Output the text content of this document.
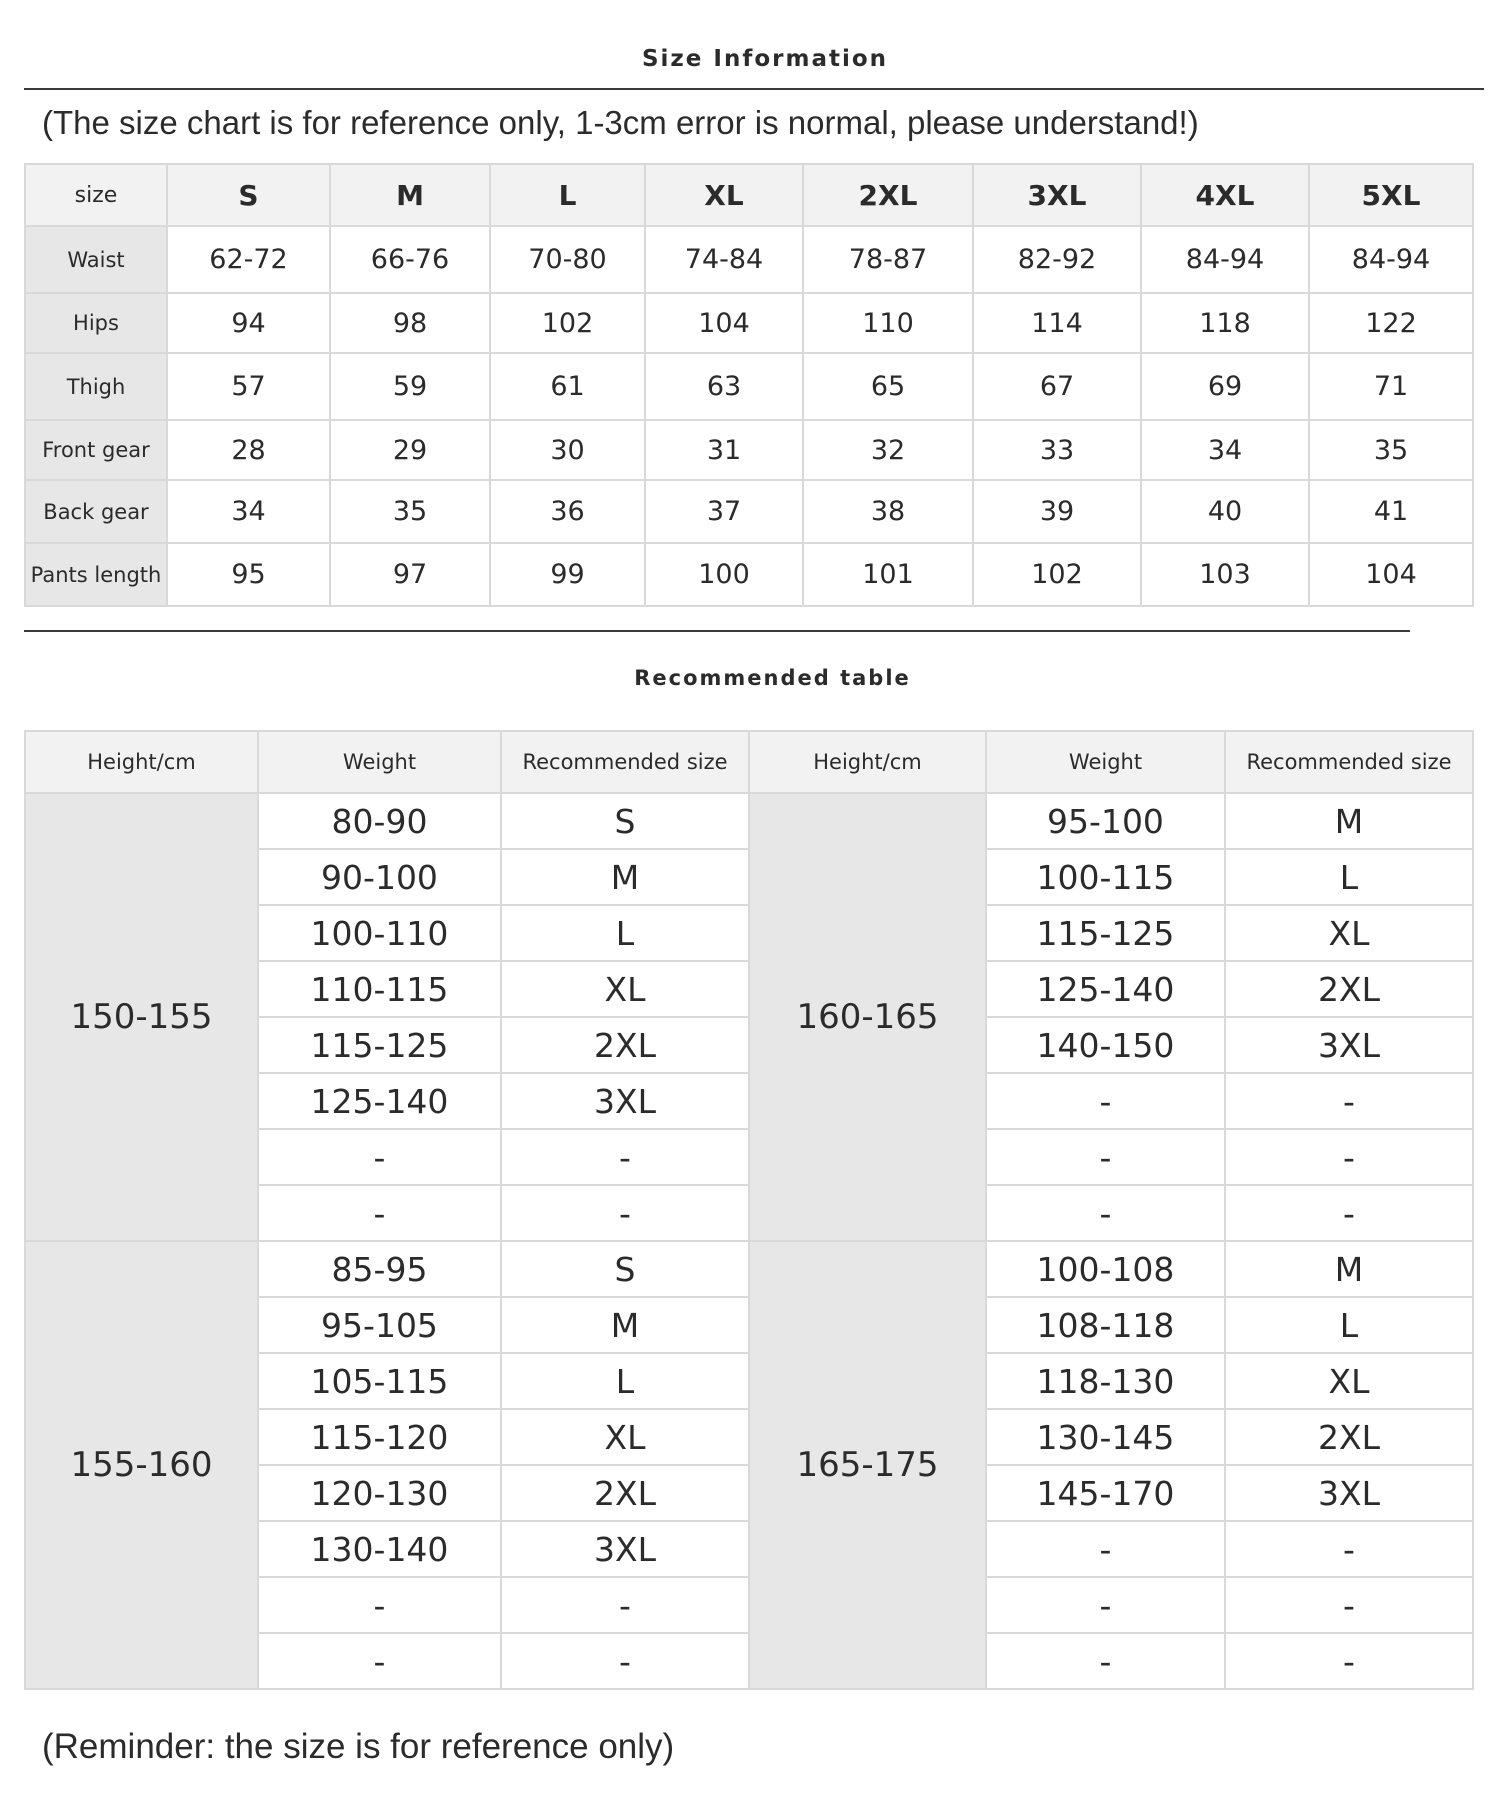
Size Information
(The size chart is for reference only, 1-3cm error is normal, please understand!)
size	S	M	L	XL	2XL	3XL	4XL	5XL
Waist	62-72	66-76	70-80	74-84	78-87	82-92	84-94	84-94
Hips	94	98	102	104	110	114	118	122
Thigh	57	59	61	63	65	67	69	71
Front gear	28	29	30	31	32	33	34	35
Back gear	34	35	36	37	38	39	40	41
Pants length	95	97	99	100	101	102	103	104
Recommended table
Height/cm	Weight	Recommended size	Height/cm	Weight	Recommended size
150-155	80-90	S	160-165	95-100	M
	90-100	M		100-115	L
	100-110	L		115-125	XL
	110-115	XL		125-140	2XL
	115-125	2XL		140-150	3XL
	125-140	3XL		-	-
	-	-		-	-
	-	-		-	-
155-160	85-95	S	165-175	100-108	M
	95-105	M		108-118	L
	105-115	L		118-130	XL
	115-120	XL		130-145	2XL
	120-130	2XL		145-170	3XL
	130-140	3XL		-	-
	-	-		-	-
	-	-		-	-
(Reminder: the size is for reference only)
